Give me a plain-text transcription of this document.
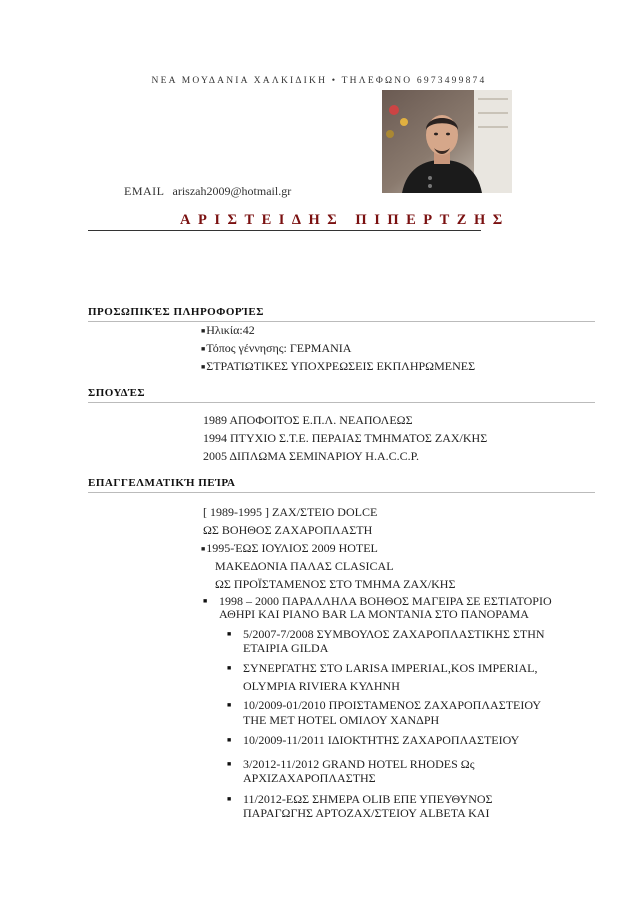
ΝΕΑ ΜΟΥΔΑΝΙΑ ΧΑΛΚΙΔΙΚΗ • ΤΗΛΕΦΩΝΟ 6973499874
EMAIL ariszah2009@hotmail.gr
ΑΡΙΣΤΕΙΔΗΣ ΠΙΠΕΡΤΖΗΣ
ΠΡΟΣΩΠΙΚΈΣ ΠΛΗΡΟΦΟΡΊΕΣ
■Ηλικία:42
■Τόπος γέννησης: ΓΕΡΜΑΝΙΑ
■ΣΤΡΑΤΙΩΤΙΚΕΣ ΥΠΟΧΡΕΩΣΕΙΣ ΕΚΠΛΗΡΩΜΕΝΕΣ
ΣΠΟΥΔΈΣ
1989 ΑΠΟΦΟΙΤΟΣ Ε.Π.Λ. ΝΕΑΠΟΛΕΩΣ
1994 ΠΤΥΧΙΟ Σ.Τ.Ε. ΠΕΡΑΙΑΣ ΤΜΗΜΑΤΟΣ ΖΑΧ/ΚΗΣ
2005 ΔΙΠΛΩΜΑ ΣΕΜΙΝΑΡΙΟΥ H.A.C.C.P.
ΕΠΑΓΓΕΛΜΑΤΙΚΉ ΠΕΊΡΑ
[ 1989-1995 ] ΖΑΧ/ΣΤΕΙΟ DOLCE
ΩΣ ΒΟΗΘΟΣ ΖΑΧΑΡΟΠΛΑΣΤΗ
■1995-ΈΩΣ ΙΟΥΛΙΟΣ 2009 HOTEL
ΜΑΚΕΔΟΝΙΑ ΠΑΛΑΣ CLASICAL
ΩΣ ΠΡΟΪΣΤΑΜΕΝΟΣ ΣΤΟ ΤΜΗΜΑ ΖΑΧ/ΚΗΣ
■ 1998 – 2000 ΠΑΡΑΛΛΗΛΑ ΒΟΗΘΟΣ ΜΑΓΕΙΡΑ ΣΕ ΕΣΤΙΑΤΟΡΙΟ
ΑΘΗΡΙ ΚΑΙ PIANO BAR LA MONTANIA ΣΤΟ ΠΑΝΟΡΑΜΑ
■ 5/2007-7/2008 ΣΥΜΒΟΥΛΟΣ ΖΑΧΑΡΟΠΛΑΣΤΙΚΗΣ ΣΤΗΝ
ΕΤΑΙΡΙΑ GILDA
■ ΣΥΝΕΡΓΑΤΗΣ ΣΤΟ LARISA IMPERIAL,KOS IMPERIAL,
OLYMPIA RIVIERA ΚΥΛΗΝΗ
■ 10/2009-01/2010 ΠΡΟΙΣΤΑΜΕΝΟΣ ΖΑΧΑΡΟΠΛΑΣΤΕΙΟΥ
THE MET HOTEL ΟΜΙΛΟΥ ΧΑΝΔΡΗ
■ 10/2009-11/2011 ΙΔΙΟΚΤΗΤΗΣ ΖΑΧΑΡΟΠΛΑΣΤΕΙΟΥ
■ 3/2012-11/2012 GRAND HOTEL RHODES Ως
ΑΡΧΙΖΑΧΑΡΟΠΛΑΣΤΗΣ
■ 11/2012-ΕΩΣ ΣΗΜΕΡΑ OLIB ΕΠΕ ΥΠΕΥΘΥΝΟΣ
ΠΑΡΑΓΩΓΗΣ ΑΡΤΟΖΑΧ/ΣΤΕΙΟΥ ALBETA ΚΑΙ
